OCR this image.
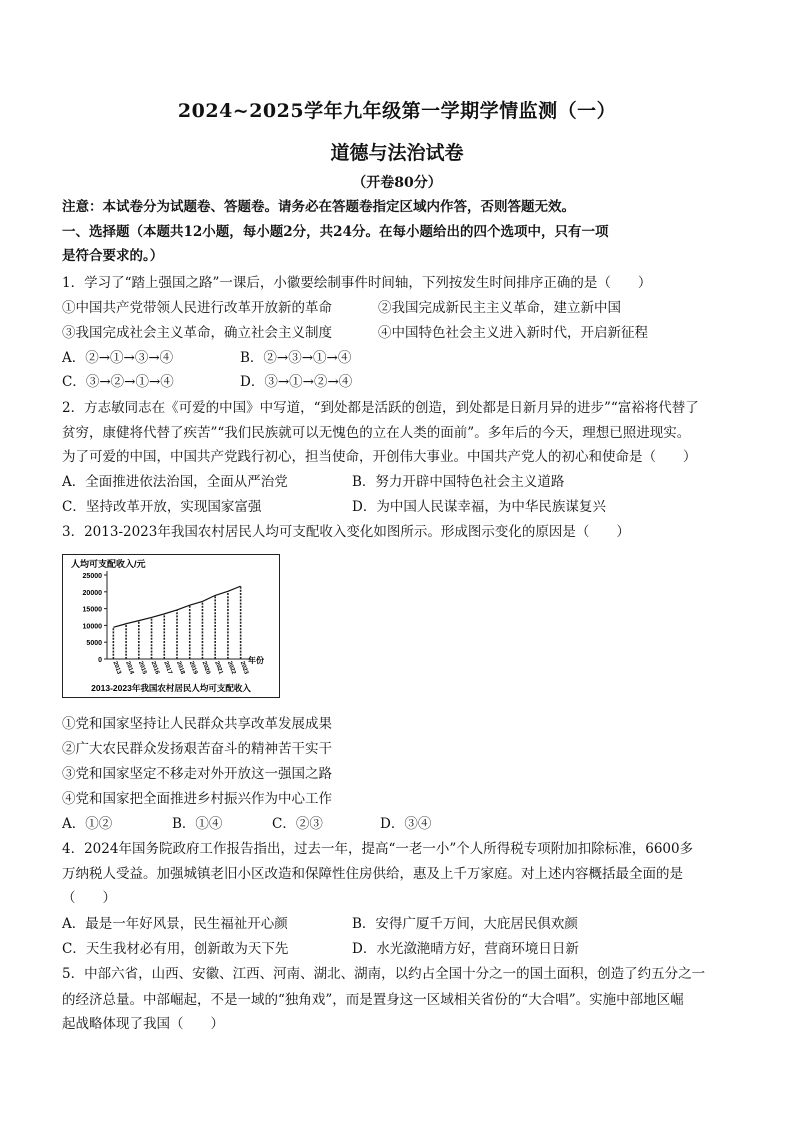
2024~2025学年九年级第一学期学情监测（一）
道德与法治试卷
（开卷80分）
注意：本试卷分为试题卷、答题卷。请务必在答题卷指定区域内作答，否则答题无效。
一、选择题（本题共12小题，每小题2分，共24分。在每小题给出的四个选项中，只有一项
是符合要求的。）
1．学习了“踏上强国之路”一课后，小徽要绘制事件时间轴，下列按发生时间排序正确的是（　　）
①中国共产党带领人民进行改革开放新的革命	②我国完成新民主主义革命，建立新中国
③我国完成社会主义革命，确立社会主义制度	④中国特色社会主义进入新时代，开启新征程
A．②→①→③→④	B．②→③→①→④
C．③→②→①→④	D．③→①→②→④
2．方志敏同志在《可爱的中国》中写道，“到处都是活跃的创造，到处都是日新月异的进步”“富裕将代替了
贫穷，康健将代替了疾苦”“我们民族就可以无愧色的立在人类的面前”。多年后的今天，理想已照进现实。
为了可爱的中国，中国共产党践行初心，担当使命，开创伟大事业。中国共产党人的初心和使命是（　　）
A．全面推进依法治国，全面从严治党	B．努力开辟中国特色社会主义道路
C．坚持改革开放，实现国家富强	D．为中国人民谋幸福，为中华民族谋复兴
3．2013-2023年我国农村居民人均可支配收入变化如图所示。形成图示变化的原因是（　　）
人均可支配收入/元
0
5000
10000
15000
20000
25000
2013 2014 2015 2016 2017 2018 2019 2020 2021 2022 2023
年份
2013-2023年我国农村居民人均可支配收入
①党和国家坚持让人民群众共享改革发展成果
②广大农民群众发扬艰苦奋斗的精神苦干实干
③党和国家坚定不移走对外开放这一强国之路
④党和国家把全面推进乡村振兴作为中心工作
A．①②	B．①④	C．②③	D．③④
4．2024年国务院政府工作报告指出，过去一年，提高“一老一小”个人所得税专项附加扣除标准，6600多
万纳税人受益。加强城镇老旧小区改造和保障性住房供给，惠及上千万家庭。对上述内容概括最全面的是
（　　）
A．最是一年好风景，民生福祉开心颜	B．安得广厦千万间，大庇居民俱欢颜
C．天生我材必有用，创新敢为天下先	D．水光潋滟晴方好，营商环境日日新
5．中部六省，山西、安徽、江西、河南、湖北、湖南，以约占全国十分之一的国土面积，创造了约五分之一
的经济总量。中部崛起，不是一域的“独角戏”，而是置身这一区域相关省份的“大合唱”。实施中部地区崛
起战略体现了我国（　　）
